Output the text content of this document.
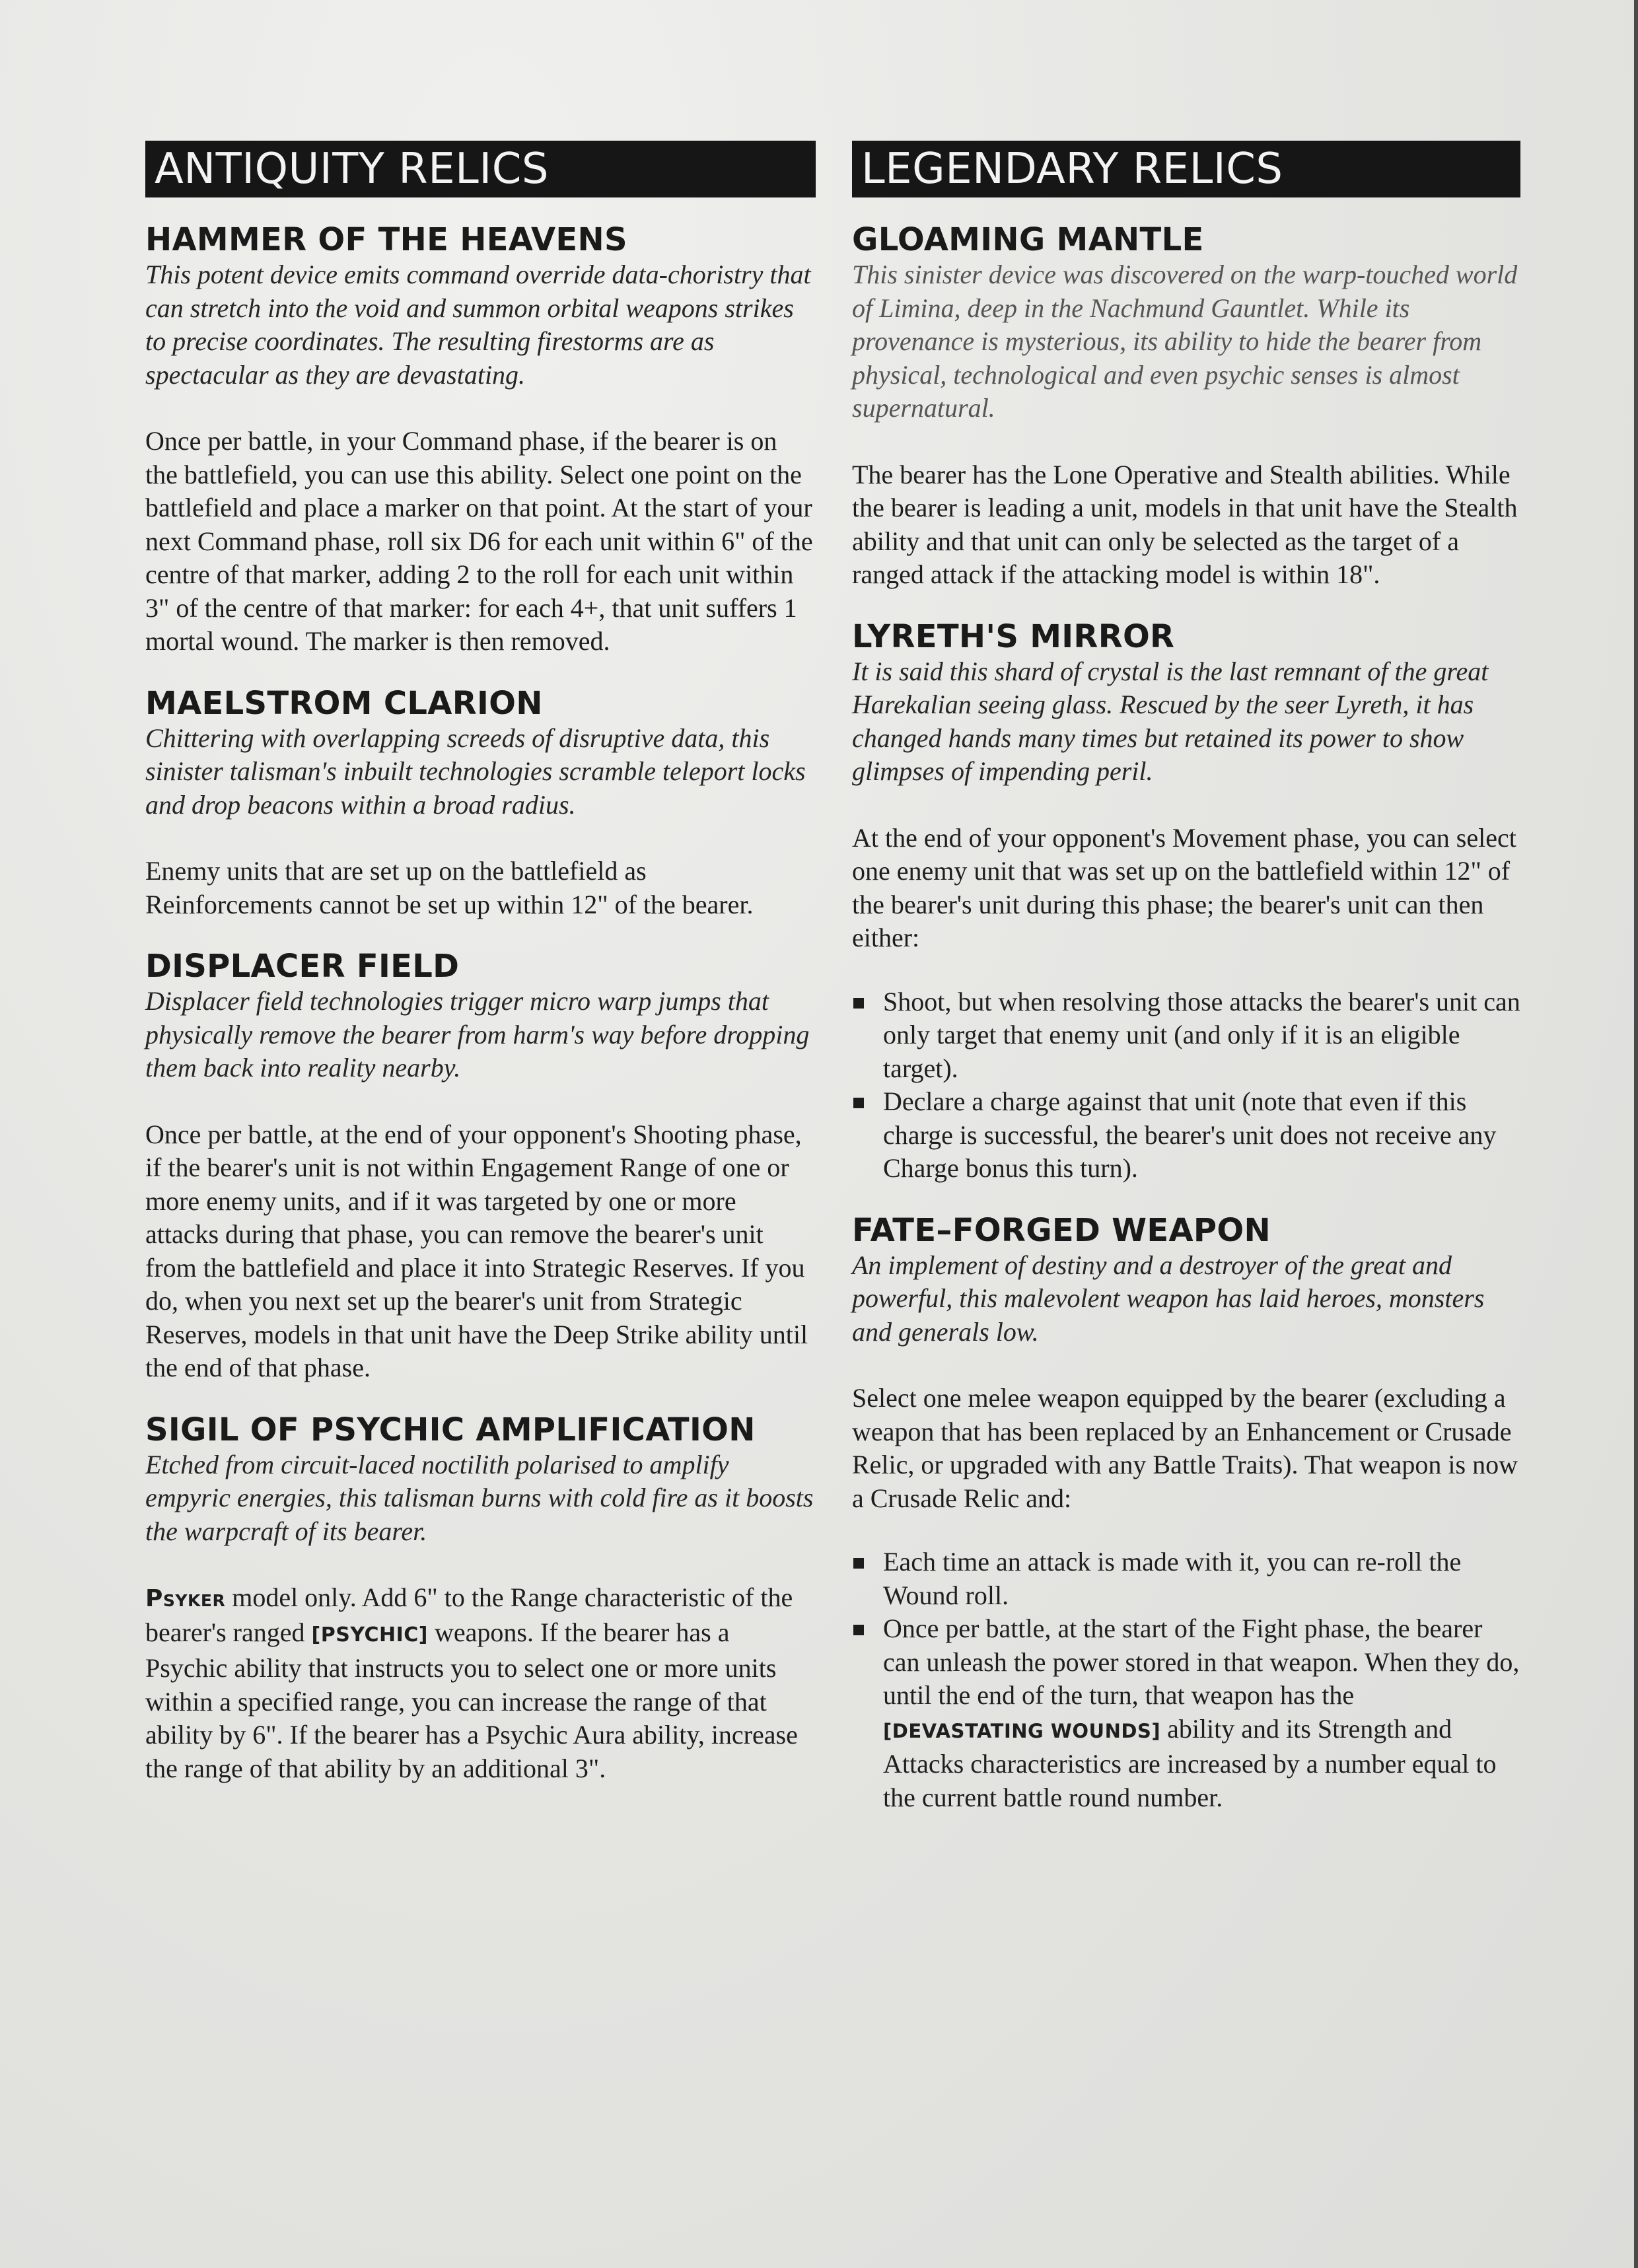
ANTIQUITY RELICS
HAMMER OF THE HEAVENS

This potent device emits command override data-choristry that can stretch into the void and summon orbital weapons strikes to precise coordinates. The resulting firestorms are as spectacular as they are devastating.

Once per battle, in your Command phase, if the bearer is on the battlefield, you can use this ability. Select one point on the battlefield and place a marker on that point. At the start of your next Command phase, roll six D6 for each unit within 6" of the centre of that marker, adding 2 to the roll for each unit within 3" of the centre of that marker: for each 4+, that unit suffers 1 mortal wound. The marker is then removed.

MAELSTROM CLARION

Chittering with overlapping screeds of disruptive data, this sinister talisman's inbuilt technologies scramble teleport locks and drop beacons within a broad radius.

Enemy units that are set up on the battlefield as Reinforcements cannot be set up within 12" of the bearer.

DISPLACER FIELD

Displacer field technologies trigger micro warp jumps that physically remove the bearer from harm's way before dropping them back into reality nearby.

Once per battle, at the end of your opponent's Shooting phase, if the bearer's unit is not within Engagement Range of one or more enemy units, and if it was targeted by one or more attacks during that phase, you can remove the bearer's unit from the battlefield and place it into Strategic Reserves. If you do, when you next set up the bearer's unit from Strategic Reserves, models in that unit have the Deep Strike ability until the end of that phase.

SIGIL OF PSYCHIC AMPLIFICATION

Etched from circuit-laced noctilith polarised to amplify empyric energies, this talisman burns with cold fire as it boosts the warpcraft of its bearer.

Psyker model only. Add 6" to the Range characteristic of the bearer's ranged [PSYCHIC] weapons. If the bearer has a Psychic ability that instructs you to select one or more units within a specified range, you can increase the range of that ability by 6". If the bearer has a Psychic Aura ability, increase the range of that ability by an additional 3".

LEGENDARY RELICS
GLOAMING MANTLE

This sinister device was discovered on the warp-touched world of Limina, deep in the Nachmund Gauntlet. While its provenance is mysterious, its ability to hide the bearer from physical, technological and even psychic senses is almost supernatural.

The bearer has the Lone Operative and Stealth abilities. While the bearer is leading a unit, models in that unit have the Stealth ability and that unit can only be selected as the target of a ranged attack if the attacking model is within 18".

LYRETH'S MIRROR

It is said this shard of crystal is the last remnant of the great Harekalian seeing glass. Rescued by the seer Lyreth, it has changed hands many times but retained its power to show glimpses of impending peril.

At the end of your opponent's Movement phase, you can select one enemy unit that was set up on the battlefield within 12" of the bearer's unit during this phase; the bearer's unit can then either:

Shoot, but when resolving those attacks the bearer's unit can only target that enemy unit (and only if it is an eligible target).
Declare a charge against that unit (note that even if this charge is successful, the bearer's unit does not receive any Charge bonus this turn).
FATE–FORGED WEAPON

An implement of destiny and a destroyer of the great and powerful, this malevolent weapon has laid heroes, monsters and generals low.

Select one melee weapon equipped by the bearer (excluding a weapon that has been replaced by an Enhancement or Crusade Relic, or upgraded with any Battle Traits). That weapon is now a Crusade Relic and:

Each time an attack is made with it, you can re-roll the Wound roll.
Once per battle, at the start of the Fight phase, the bearer can unleash the power stored in that weapon. When they do, until the end of the turn, that weapon has the [DEVASTATING WOUNDS] ability and its Strength and Attacks characteristics are increased by a number equal to the current battle round number.
